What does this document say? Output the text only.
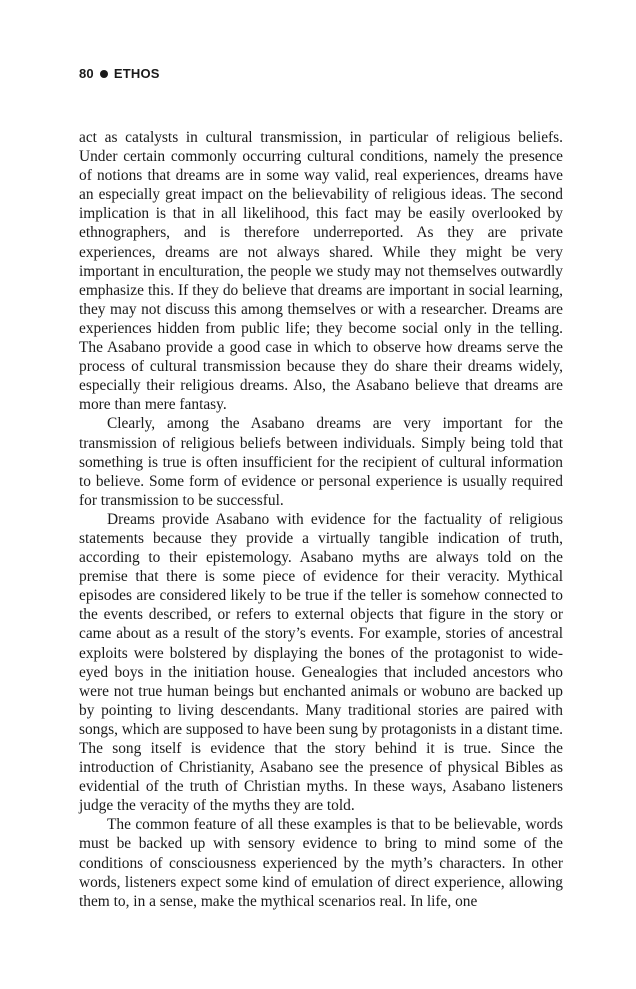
80 ETHOS

act as catalysts in cultural transmission, in particular of religious beliefs. Under certain commonly occurring cultural conditions, namely the presence of notions that dreams are in some way valid, real experiences, dreams have an especially great impact on the believability of religious ideas. The second implication is that in all likelihood, this fact may be easily overlooked by ethnographers, and is therefore underreported. As they are private experiences, dreams are not always shared. While they might be very important in enculturation, the people we study may not themselves outwardly emphasize this. If they do believe that dreams are important in social learning, they may not discuss this among themselves or with a researcher. Dreams are experiences hidden from public life; they become social only in the telling. The Asabano provide a good case in which to observe how dreams serve the process of cultural transmission because they do share their dreams widely, especially their religious dreams. Also, the Asabano believe that dreams are more than mere fantasy.

Clearly, among the Asabano dreams are very important for the transmission of religious beliefs between individuals. Simply being told that something is true is often insufficient for the recipient of cultural information to believe. Some form of evidence or personal experience is usually required for transmission to be successful.

Dreams provide Asabano with evidence for the factuality of religious statements because they provide a virtually tangible indication of truth, according to their epistemology. Asabano myths are always told on the premise that there is some piece of evidence for their veracity. Mythical episodes are considered likely to be true if the teller is somehow connected to the events described, or refers to external objects that figure in the story or came about as a result of the story’s events. For example, stories of ancestral exploits were bolstered by displaying the bones of the protagonist to wide-eyed boys in the initiation house. Genealogies that included ancestors who were not true human beings but enchanted animals or wobuno are backed up by pointing to living descendants. Many traditional stories are paired with songs, which are supposed to have been sung by protagonists in a distant time. The song itself is evidence that the story behind it is true. Since the introduction of Christianity, Asabano see the presence of physical Bibles as evidential of the truth of Christian myths. In these ways, Asabano listeners judge the veracity of the myths they are told.

The common feature of all these examples is that to be believable, words must be backed up with sensory evidence to bring to mind some of the conditions of consciousness experienced by the myth’s characters. In other words, listeners expect some kind of emulation of direct experience, allowing them to, in a sense, make the mythical scenarios real. In life, one
